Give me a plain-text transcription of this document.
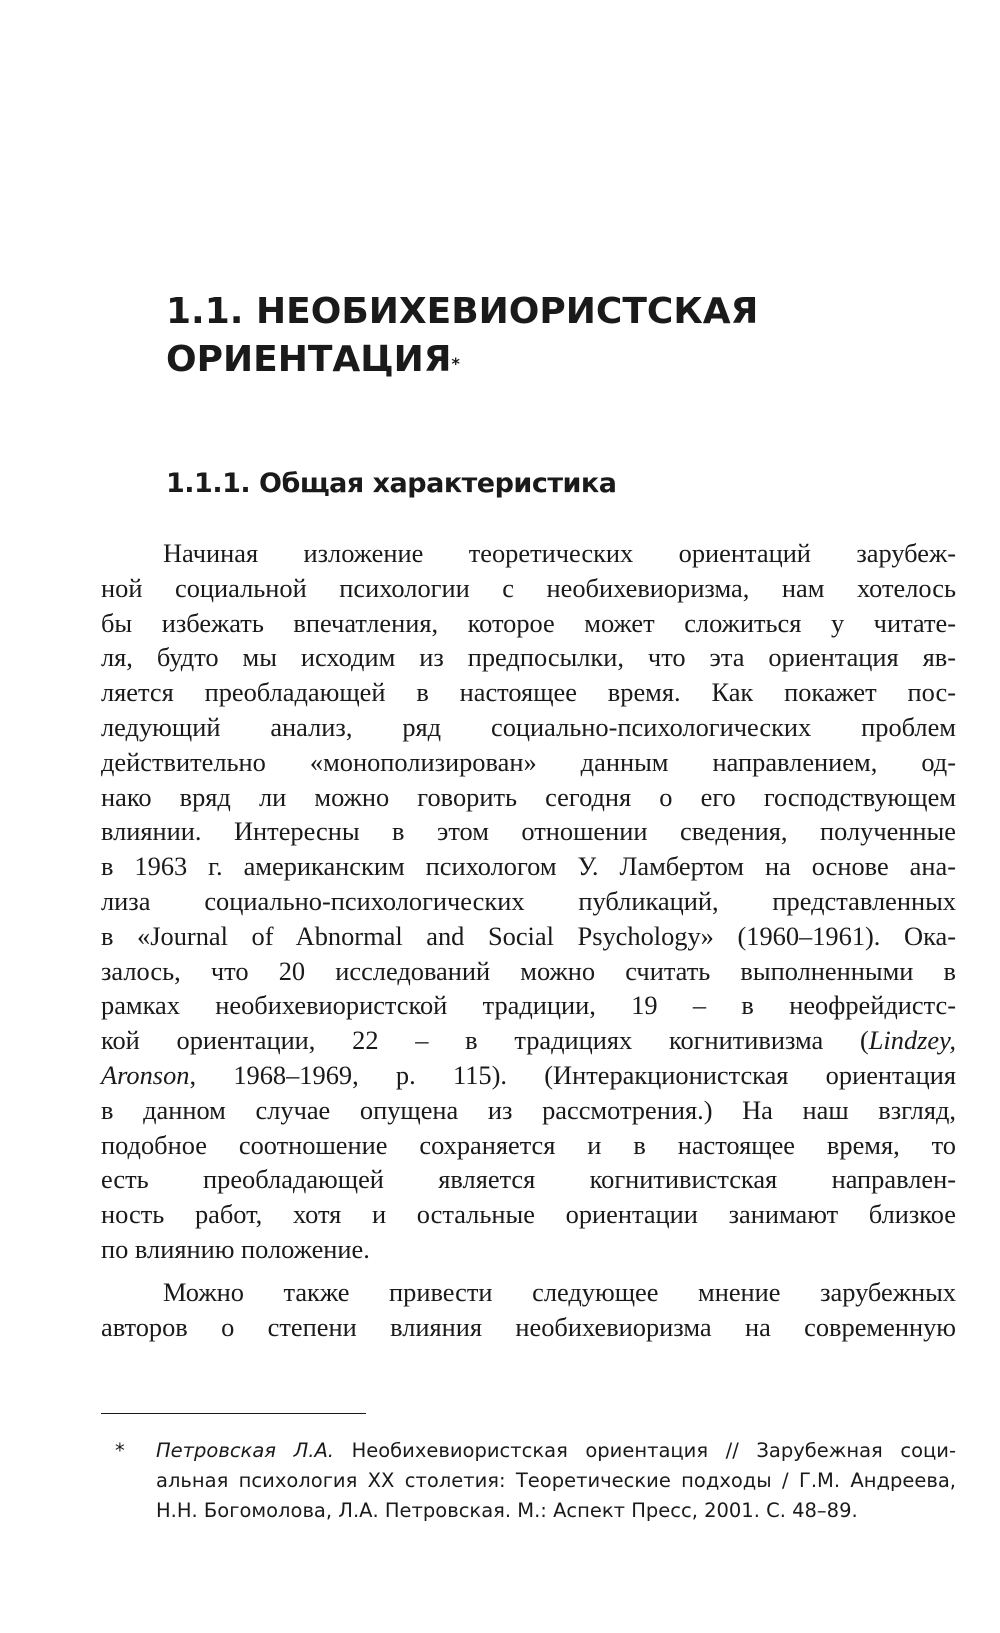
1.1. НЕОБИХЕВИОРИСТСКАЯ
ОРИЕНТАЦИЯ*
1.1.1. Общая характеристика
Начиная изложение теоретических ориентаций зарубеж-
ной социальной психологии с необихевиоризма, нам хотелось
бы избежать впечатления, которое может сложиться у читате-
ля, будто мы исходим из предпосылки, что эта ориентация яв-
ляется преобладающей в настоящее время. Как покажет пос-
ледующий анализ, ряд социально-психологических проблем
действительно «монополизирован» данным направлением, од-
нако вряд ли можно говорить сегодня о его господствующем
влиянии. Интересны в этом отношении сведения, полученные
в 1963 г. американским психологом У. Ламбертом на основе ана-
лиза социально-психологических публикаций, представленных
в «Journal of Abnormal and Social Psychology» (1960–1961). Ока-
залось, что 20 исследований можно считать выполненными в
рамках необихевиористской традиции, 19 – в неофрейдистс-
кой ориентации, 22 – в традициях когнитивизма (Lindzey,
Aronson, 1968–1969, р. 115). (Интеракционистская ориентация
в данном случае опущена из рассмотрения.) На наш взгляд,
подобное соотношение сохраняется и в настоящее время, то
есть преобладающей является когнитивистская направлен-
ность работ, хотя и остальные ориентации занимают близкое
по влиянию положение.
Можно также привести следующее мнение зарубежных
авторов о степени влияния необихевиоризма на современную
* Петровская Л.А. Необихевиористская ориентация // Зарубежная соци-
альная психология XX столетия: Теоретические подходы / Г.М. Андреева,
Н.Н. Богомолова, Л.А. Петровская. М.: Аспект Пресс, 2001. С. 48–89.
